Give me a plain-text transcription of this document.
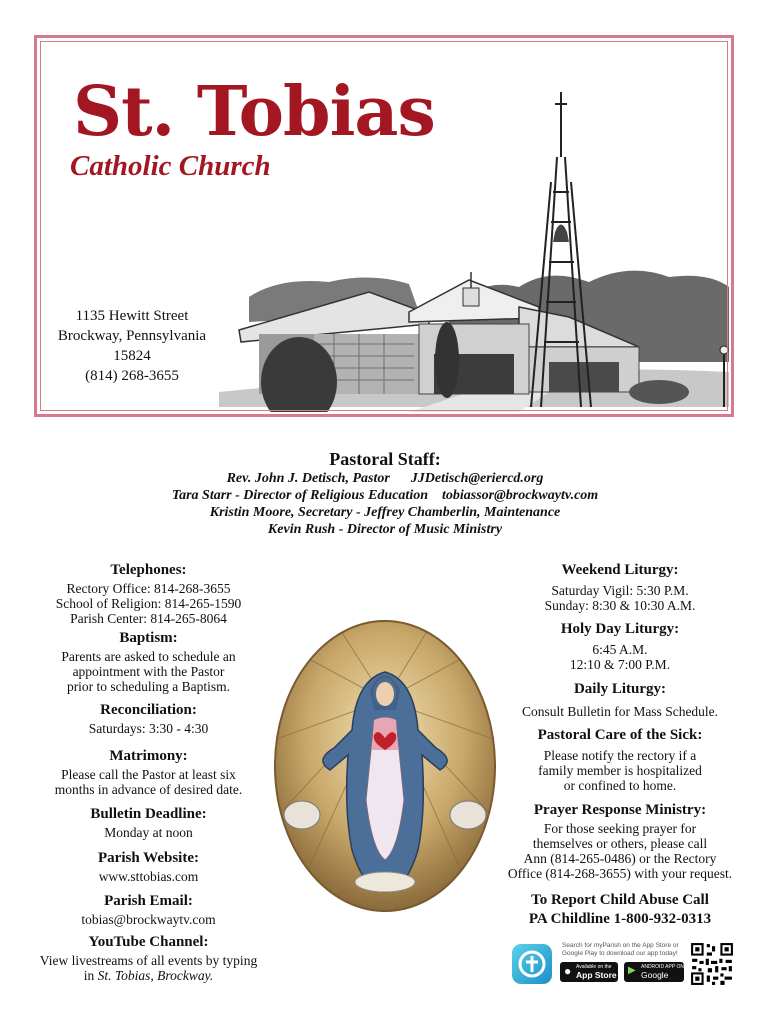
St. Tobias
Catholic Church
1135 Hewitt Street
Brockway, Pennsylvania
15824
(814) 268-3655
Pastoral Staff:
Rev. John J. Detisch, Pastor      JJDetisch@eriercd.org
Tara Starr - Director of Religious Education    tobiassor@brockwaytv.com
Kristin Moore, Secretary - Jeffrey Chamberlin, Maintenance
Kevin Rush - Director of Music Ministry
Telephones:
Rectory Office: 814-268-3655
School of Religion: 814-265-1590
Parish Center: 814-265-8064
Baptism:
Parents are asked to schedule an
appointment with the Pastor
prior to scheduling a Baptism.
Reconciliation:
Saturdays: 3:30 - 4:30
Matrimony:
Please call the Pastor at least six
months in advance of desired date.
Bulletin Deadline:
Monday at noon
Parish Website:
www.sttobias.com
Parish Email:
tobias@brockwaytv.com
YouTube Channel:
View livestreams of all events by typing
in St. Tobias, Brockway.
Weekend Liturgy:
Saturday Vigil: 5:30 P.M.
Sunday: 8:30 & 10:30 A.M.
Holy Day Liturgy:
6:45 A.M.
12:10 & 7:00 P.M.
Daily Liturgy:
Consult Bulletin for Mass Schedule.
Pastoral Care of the Sick:
Please notify the rectory if a
family member is hospitalized
or confined to home.
Prayer Response Ministry:
For those seeking prayer for
themselves or others, please call
Ann (814-265-0486) or the Rectory
Office (814-268-3655) with your request.
To Report Child Abuse Call
PA Childline 1-800-932-0313
Search for myParish on the App Store or
Google Play to download our app today!
● Available on the
App Store ▶ ANDROID APP ON
Google play
